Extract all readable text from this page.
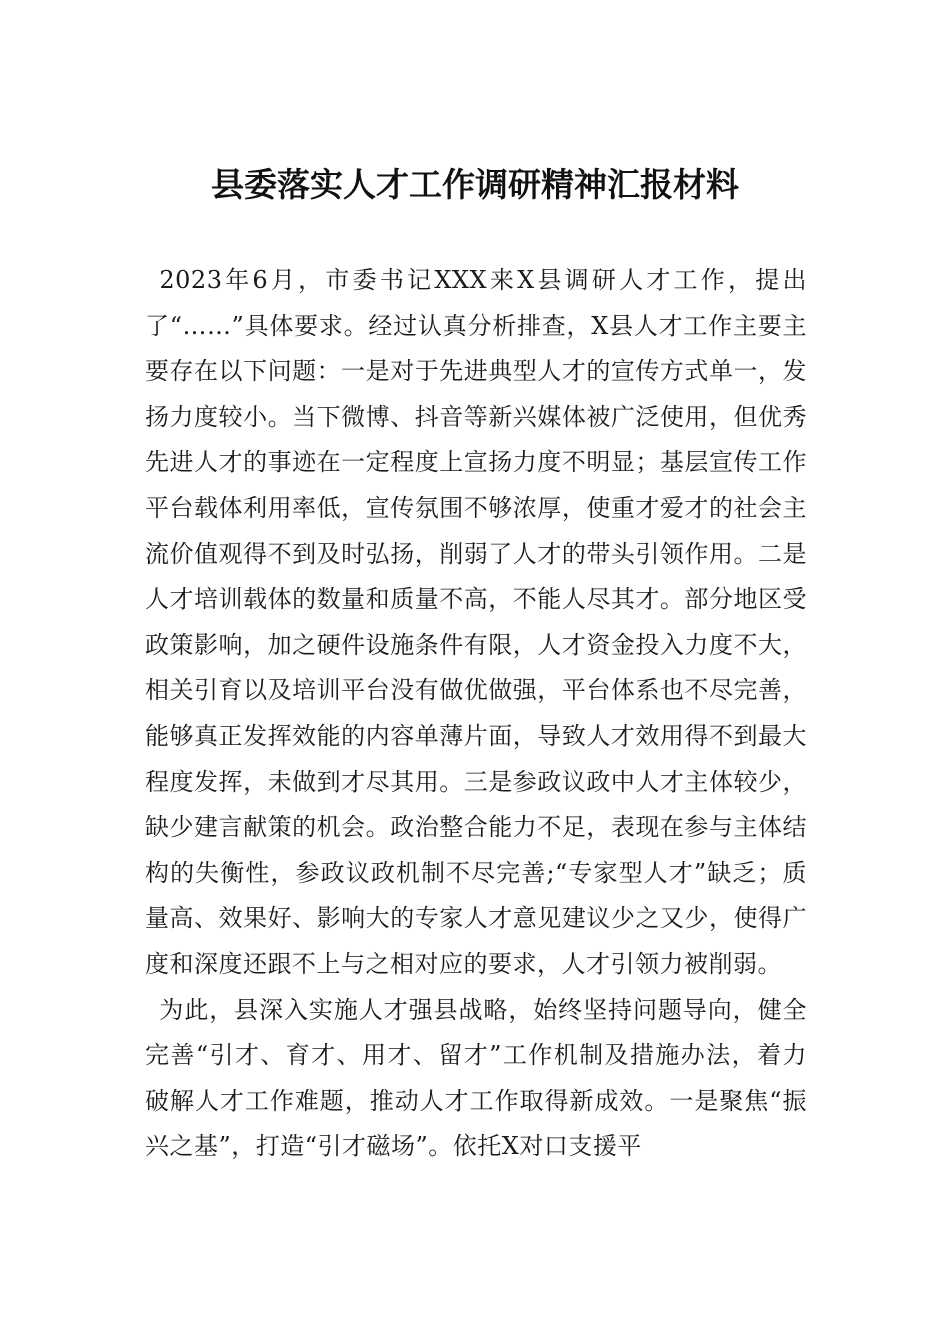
县委落实人才工作调研精神汇报材料

2023年6月，市委书记XXX来X县调研人才工作，提出了“……”具体要求。经过认真分析排查，X县人才工作主要主要存在以下问题：一是对于先进典型人才的宣传方式单一，发扬力度较小。当下微博、抖音等新兴媒体被广泛使用，但优秀先进人才的事迹在一定程度上宣扬力度不明显；基层宣传工作平台载体利用率低，宣传氛围不够浓厚，使重才爱才的社会主流价值观得不到及时弘扬，削弱了人才的带头引领作用。二是人才培训载体的数量和质量不高，不能人尽其才。部分地区受政策影响，加之硬件设施条件有限，人才资金投入力度不大，相关引育以及培训平台没有做优做强，平台体系也不尽完善，能够真正发挥效能的内容单薄片面，导致人才效用得不到最大程度发挥，未做到才尽其用。三是参政议政中人才主体较少，缺少建言献策的机会。政治整合能力不足，表现在参与主体结构的失衡性，参政议政机制不尽完善;“专家型人才”缺乏；质量高、效果好、影响大的专家人才意见建议少之又少，使得广度和深度还跟不上与之相对应的要求，人才引领力被削弱。

为此，县深入实施人才强县战略，始终坚持问题导向，健全完善“引才、育才、用才、留才”工作机制及措施办法，着力破解人才工作难题，推动人才工作取得新成效。一是聚焦“振兴之基”，打造“引才磁场”。依托X对口支援平
